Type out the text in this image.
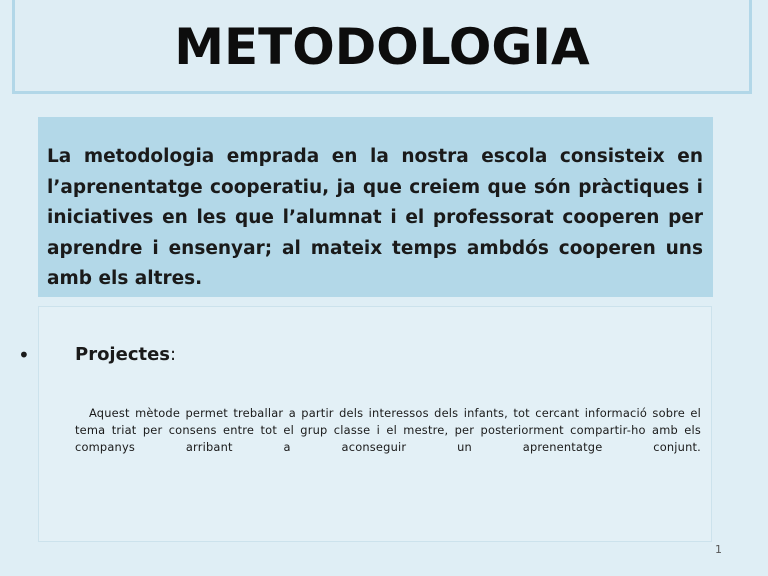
METODOLOGIA

La metodologia emprada en la nostra escola consisteix en l’aprenentatge cooperatiu, ja que creiem que són pràctiques i iniciatives en les que l’alumnat i el professorat cooperen per aprendre i ensenyar; al mateix temps ambdós cooperen uns amb els altres.

•	Projectes:

Aquest mètode permet treballar a partir dels interessos dels infants, tot cercant informació sobre el tema triat per consens entre tot el grup classe i el mestre, per posteriorment compartir-ho amb els companys arribant a aconseguir un aprenentatge conjunt.

1
